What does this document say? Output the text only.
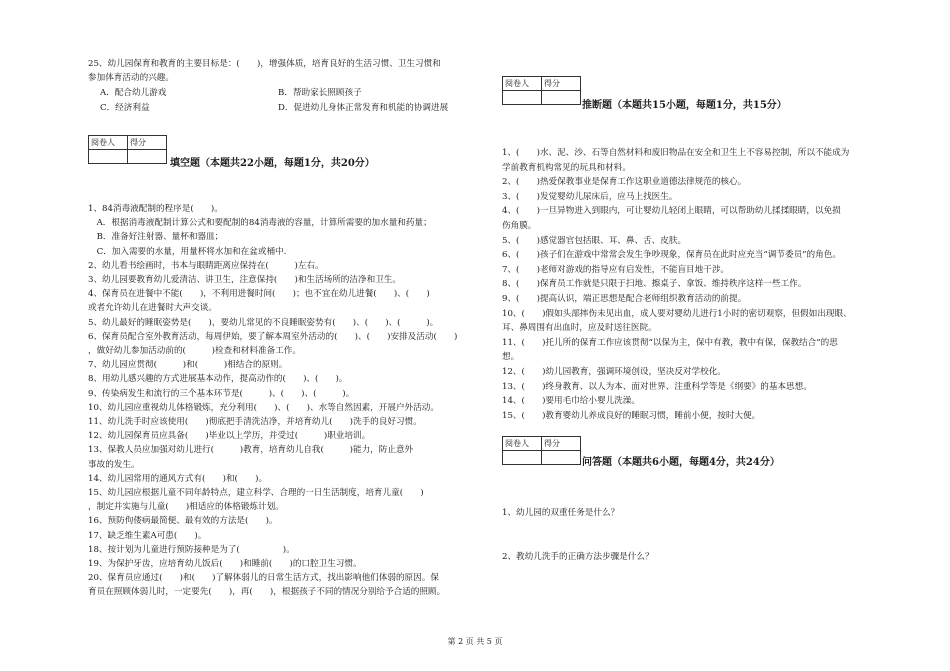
25、幼儿园保育和教育的主要目标是：(　　)，增强体质，培育良好的生活习惯、卫生习惯和
参加体育活动的兴趣。
A．配合幼儿游戏	B．帮助家长照顾孩子
C．经济利益	D．促进幼儿身体正常发育和机能的协调进展
阅卷人	得分

填空题（本题共22小题，每题1分，共20分）
1、84消毒液配制的程序是(　　)。
　A．根据消毒液配制计算公式和要配制的84消毒液的容量，计算所需要的加水量和药量；
　B．准备好注射器、量杯和器皿；
　C．加入需要的水量，用量杯将水加和在盆或桶中.
2、幼儿看书绘画时，书本与眼睛距离应保持在(　　　)左右。
3、幼儿园要教育幼儿爱清洁、讲卫生，注意保持(　　)和生活场所的洁净和卫生。
4、保育员在进餐中不能(　　)，不利用进餐时间(　　)；也不宜在幼儿进餐(　　)、(　　)
或者允许幼儿在进餐时大声交谈。
5、幼儿最好的睡眠姿势是(　　)，要幼儿常见的不良睡眠姿势有(　　)、(　　)、(　　　)。
6、保育员配合室外教育活动，每周伊始，要了解本周室外活动的(　　)、(　　)安排及活动(　　)
，做好幼儿参加活动前的(　　　)检查和材料准备工作。
7、幼儿园应贯彻(　　　)和(　　　)相结合的原则。
8、用幼儿感兴趣的方式进展基本动作，提高动作的(　　)、(　　)。
9、传染病发生和流行的三个基本环节是(　　　)、(　　)、(　　　)。
10、幼儿园应重视幼儿体格锻炼，充分利用(　　)、(　　)、水等自然因素，开展户外活动。
11、幼儿洗手时应该使用(　　)彻底把手清洗洁净，并培育幼儿(　　)洗手的良好习惯。
12、幼儿园保育员应具备(　　)毕业以上学历，并受过(　　　)职业培训。
13、保教人员应加强对幼儿进行(　　　)教育，培育幼儿自我(　　　)能力，防止意外
事故的发生。
14、幼儿园常用的通风方式有(　　)和(　　)。
15、幼儿园应根据儿童不同年龄特点，建立科学、合理的一日生活制度，培育儿童(　　)
，制定并实施与儿童(　　)相适应的体格锻炼计划。
16、预防佝偻病最简便、最有效的方法是(　　)。
17、缺乏维生素A可患(　　)。
18、按计划为儿童进行预防接种是为了(　　　　　)。
19、为保护牙齿，应培育幼儿饭后(　　)和睡前(　　)的口腔卫生习惯。
20、保育员应通过(　　)和(　　)了解体弱儿的日常生活方式，找出影响他们体弱的原因。保
育员在照顾体弱儿时，一定要先(　　)，再(　　)，根据孩子不同的情况分别给予合适的照顾。
阅卷人	得分

推断题（本题共15小题，每题1分，共15分）
1、(　　)水、泥、沙、石等自然材料和废旧物品在安全和卫生上不容易控制，所以不能成为
学前教育机构常见的玩具和材料。
2、(　　)热爱保教事业是保育工作这职业道德法律规范的核心。
3、(　　)发觉婴幼儿尿床后，应马上找医生。
4、(　　)一旦异物进入到眼内，可让婴幼儿轻闭上眼睛，可以帮助幼儿揉揉眼睛，以免损
伤角膜。
5、(　　)感觉器官包括眼、耳、鼻、舌、皮肤。
6、(　　)孩子们在游戏中常常会发生争吵现象，保育员在此时应充当“调节委员”的角色。
7、(　　)老师对游戏的指导应有启发性，不能盲目地干涉。
8、(　　)保育员工作就是只限于扫地、擦桌子、拿饭、维持秩序这样一些工作。
9、(　　)提高认识，端正思想是配合老师组织教育活动的前提。
10、(　　)假如头部摔伤未见出血，成人要对婴幼儿进行1小时的密切观察，但假如出现眼、
耳、鼻周围有出血时，应及时送往医院。
11、(　　)托儿所的保育工作应该贯彻“以保为主，保中有教，教中有保，保教结合”的思
想。
12、(　　)幼儿园教育，强调环境创设，坚决反对学校化。
13、(　　)终身教育、以人为本、面对世界、注重科学等是《纲要》的基本思想。
14、(　　)要用毛巾给小婴儿洗澡。
15、(　　)教育婴幼儿养成良好的睡眠习惯，睡前小便，按时大便。
阅卷人	得分

问答题（本题共6小题，每题4分，共24分）
1、幼儿园的双重任务是什么？
2、教幼儿洗手的正确方法步骤是什么？
第 2 页 共 5 页
